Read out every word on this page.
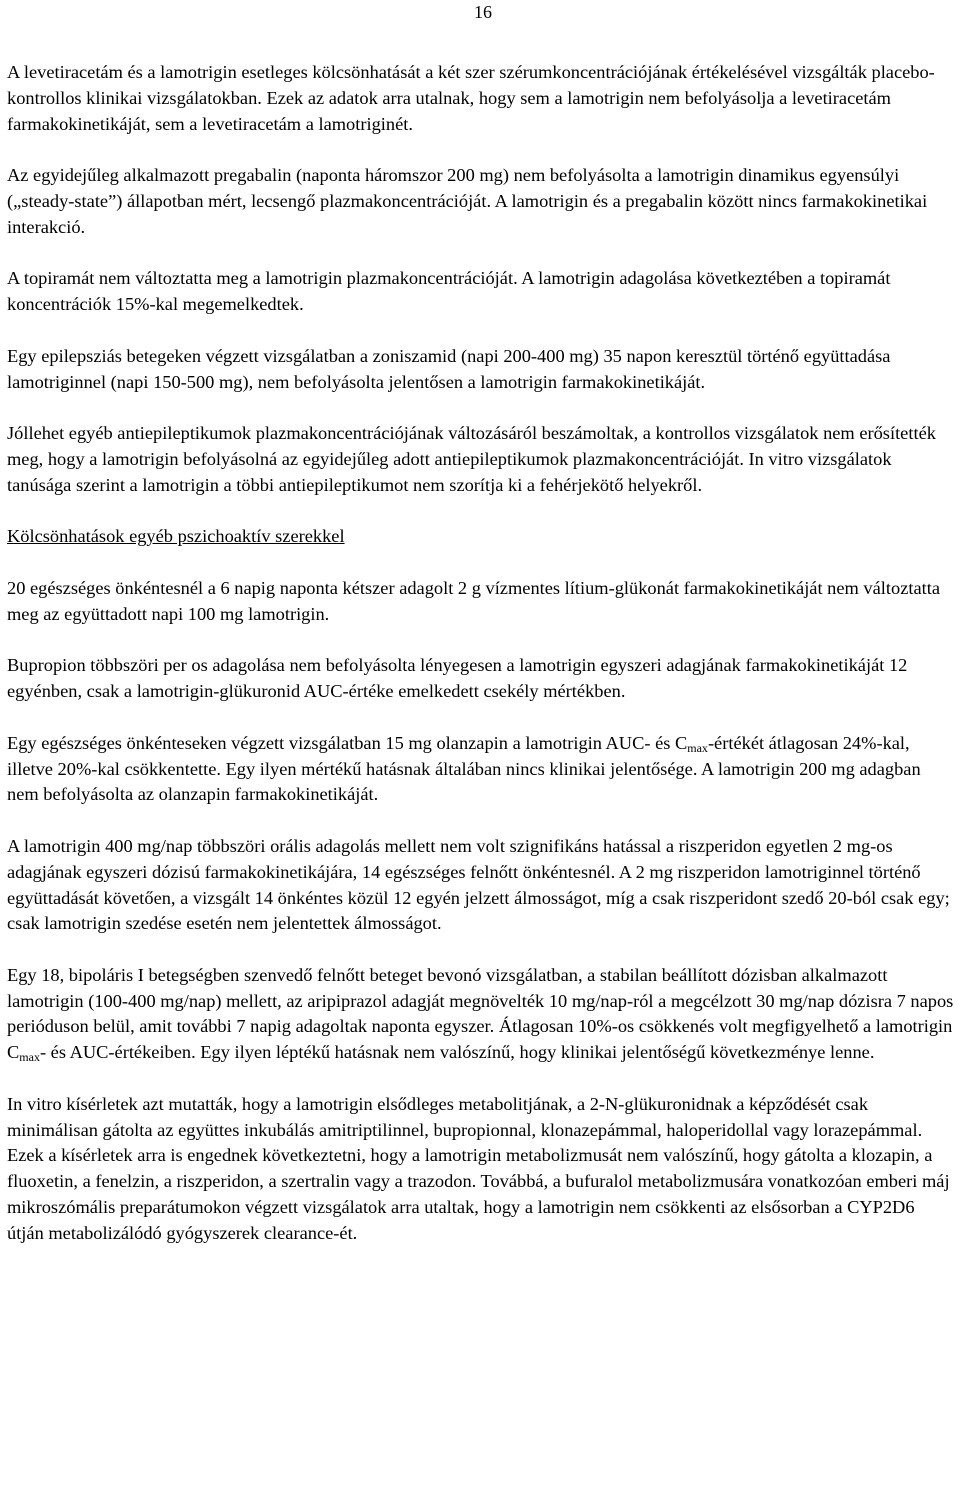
16

A levetiracetám és a lamotrigin esetleges kölcsönhatását a két szer szérumkoncentrációjának értékelésével vizsgálták placebo-kontrollos klinikai vizsgálatokban. Ezek az adatok arra utalnak, hogy sem a lamotrigin nem befolyásolja a levetiracetám farmakokinetikáját, sem a levetiracetám a lamotriginét.

Az egyidejűleg alkalmazott pregabalin (naponta háromszor 200 mg) nem befolyásolta a lamotrigin dinamikus egyensúlyi („steady-state”) állapotban mért, lecsengő plazmakoncentrációját. A lamotrigin és a pregabalin között nincs farmakokinetikai interakció.

A topiramát nem változtatta meg a lamotrigin plazmakoncentrációját. A lamotrigin adagolása következtében a topiramát koncentrációk 15%-kal megemelkedtek.

Egy epilepsziás betegeken végzett vizsgálatban a zoniszamid (napi 200-400 mg) 35 napon keresztül történő együttadása lamotriginnel (napi 150-500 mg), nem befolyásolta jelentősen a lamotrigin farmakokinetikáját.

Jóllehet egyéb antiepileptikumok plazmakoncentrációjának változásáról beszámoltak, a kontrollos vizsgálatok nem erősítették meg, hogy a lamotrigin befolyásolná az egyidejűleg adott antiepileptikumok plazmakoncentrációját. In vitro vizsgálatok tanúsága szerint a lamotrigin a többi antiepileptikumot nem szorítja ki a fehérjekötő helyekről.

Kölcsönhatások egyéb pszichoaktív szerekkel

20 egészséges önkéntesnél a 6 napig naponta kétszer adagolt 2 g vízmentes lítium-glükonát farmakokinetikáját nem változtatta meg az együttadott napi 100 mg lamotrigin.

Bupropion többszöri per os adagolása nem befolyásolta lényegesen a lamotrigin egyszeri adagjának farmakokinetikáját 12 egyénben, csak a lamotrigin-glükuronid AUC-értéke emelkedett csekély mértékben.

Egy egészséges önkénteseken végzett vizsgálatban 15 mg olanzapin a lamotrigin AUC- és $C_{max}$-értékét átlagosan 24%-kal, illetve 20%-kal csökkentette. Egy ilyen mértékű hatásnak általában nincs klinikai jelentősége. A lamotrigin 200 mg adagban nem befolyásolta az olanzapin farmakokinetikáját.

A lamotrigin 400 mg/nap többszöri orális adagolás mellett nem volt szignifikáns hatással a riszperidon egyetlen 2 mg-os adagjának egyszeri dózisú farmakokinetikájára, 14 egészséges felnőtt önkéntesnél. A 2 mg riszperidon lamotriginnel történő együttadását követően, a vizsgált 14 önkéntes közül 12 egyén jelzett álmosságot, míg a csak riszperidont szedő 20-ból csak egy; csak lamotrigin szedése esetén nem jelentettek álmosságot.

Egy 18, bipoláris I betegségben szenvedő felnőtt beteget bevonó vizsgálatban, a stabilan beállított dózisban alkalmazott lamotrigin (100-400 mg/nap) mellett, az aripiprazol adagját megnövelték 10 mg/nap-ról a megcélzott 30 mg/nap dózisra 7 napos perióduson belül, amit további 7 napig adagoltak naponta egyszer. Átlagosan 10%-os csökkenés volt megfigyelhető a lamotrigin $C_{max}-$ és AUC-értékeiben. Egy ilyen léptékű hatásnak nem valószínű, hogy klinikai jelentőségű következménye lenne.

In vitro kísérletek azt mutatták, hogy a lamotrigin elsődleges metabolitjának, a 2-N-glükuronidnak a képződését csak minimálisan gátolta az együttes inkubálás amitriptilinnel, bupropionnal, klonazepámmal, haloperidollal vagy lorazepámmal. Ezek a kísérletek arra is engednek következtetni, hogy a lamotrigin metabolizmusát nem valószínű, hogy gátolta a klozapin, a fluoxetin, a fenelzin, a riszperidon, a szertralin vagy a trazodon. Továbbá, a bufuralol metabolizmusára vonatkozóan emberi máj mikroszómális preparátumokon végzett vizsgálatok arra utaltak, hogy a lamotrigin nem csökkenti az elsősorban a CYP2D6 útján metabolizálódó gyógyszerek clearance-ét.
